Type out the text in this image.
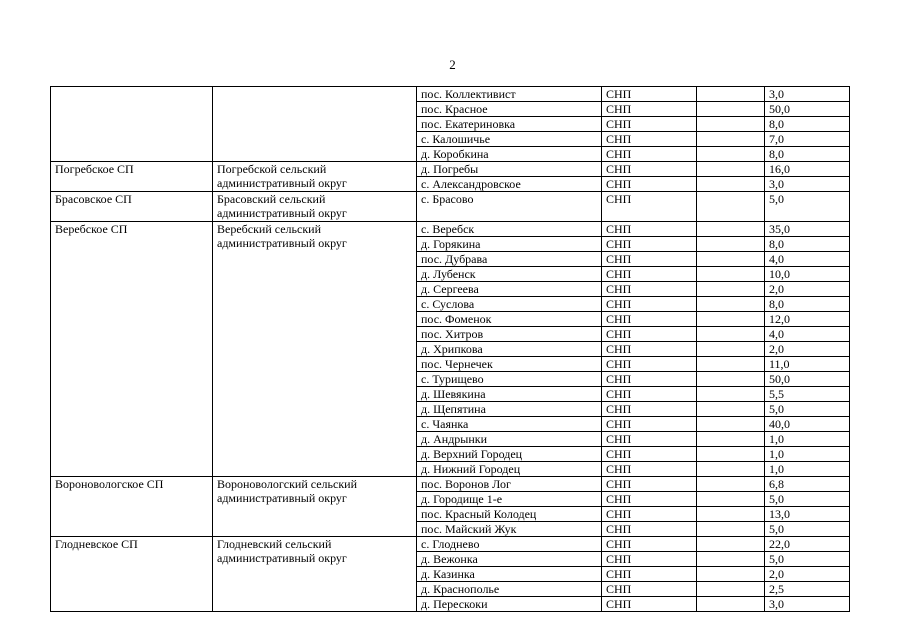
2
		пос. Коллективист	СНП		3,0
		пос. Красное	СНП		50,0
		пос. Екатериновка	СНП		8,0
		с. Калошичье	СНП		7,0
		д. Коробкина	СНП		8,0
Погребское СП	Погребской сельский административный округ	д. Погребы	СНП		16,0
		с. Александровское	СНП		3,0
Брасовское СП	Брасовский сельский административный округ	с. Брасово	СНП		5,0
Веребское СП	Веребский сельский административный округ	с. Веребск	СНП		35,0
		д. Горякина	СНП		8,0
		пос. Дубрава	СНП		4,0
		д. Лубенск	СНП		10,0
		д. Сергеева	СНП		2,0
		с. Суслова	СНП		8,0
		пос. Фоменок	СНП		12,0
		пос. Хитров	СНП		4,0
		д. Хрипкова	СНП		2,0
		пос. Чернечек	СНП		11,0
		с. Турищево	СНП		50,0
		д. Шевякина	СНП		5,5
		д. Щепятина	СНП		5,0
		с. Чаянка	СНП		40,0
		д. Андрынки	СНП		1,0
		д. Верхний Городец	СНП		1,0
		д. Нижний Городец	СНП		1,0
Вороновологское СП	Вороновологский сельский административный округ	пос. Воронов Лог	СНП		6,8
		д. Городище 1-е	СНП		5,0
		пос. Красный Колодец	СНП		13,0
		пос. Майский Жук	СНП		5,0
Глодневское СП	Глодневский сельский административный округ	с. Глоднево	СНП		22,0
		д. Вежонка	СНП		5,0
		д. Казинка	СНП		2,0
		д. Краснополье	СНП		2,5
		д. Перескоки	СНП		3,0
